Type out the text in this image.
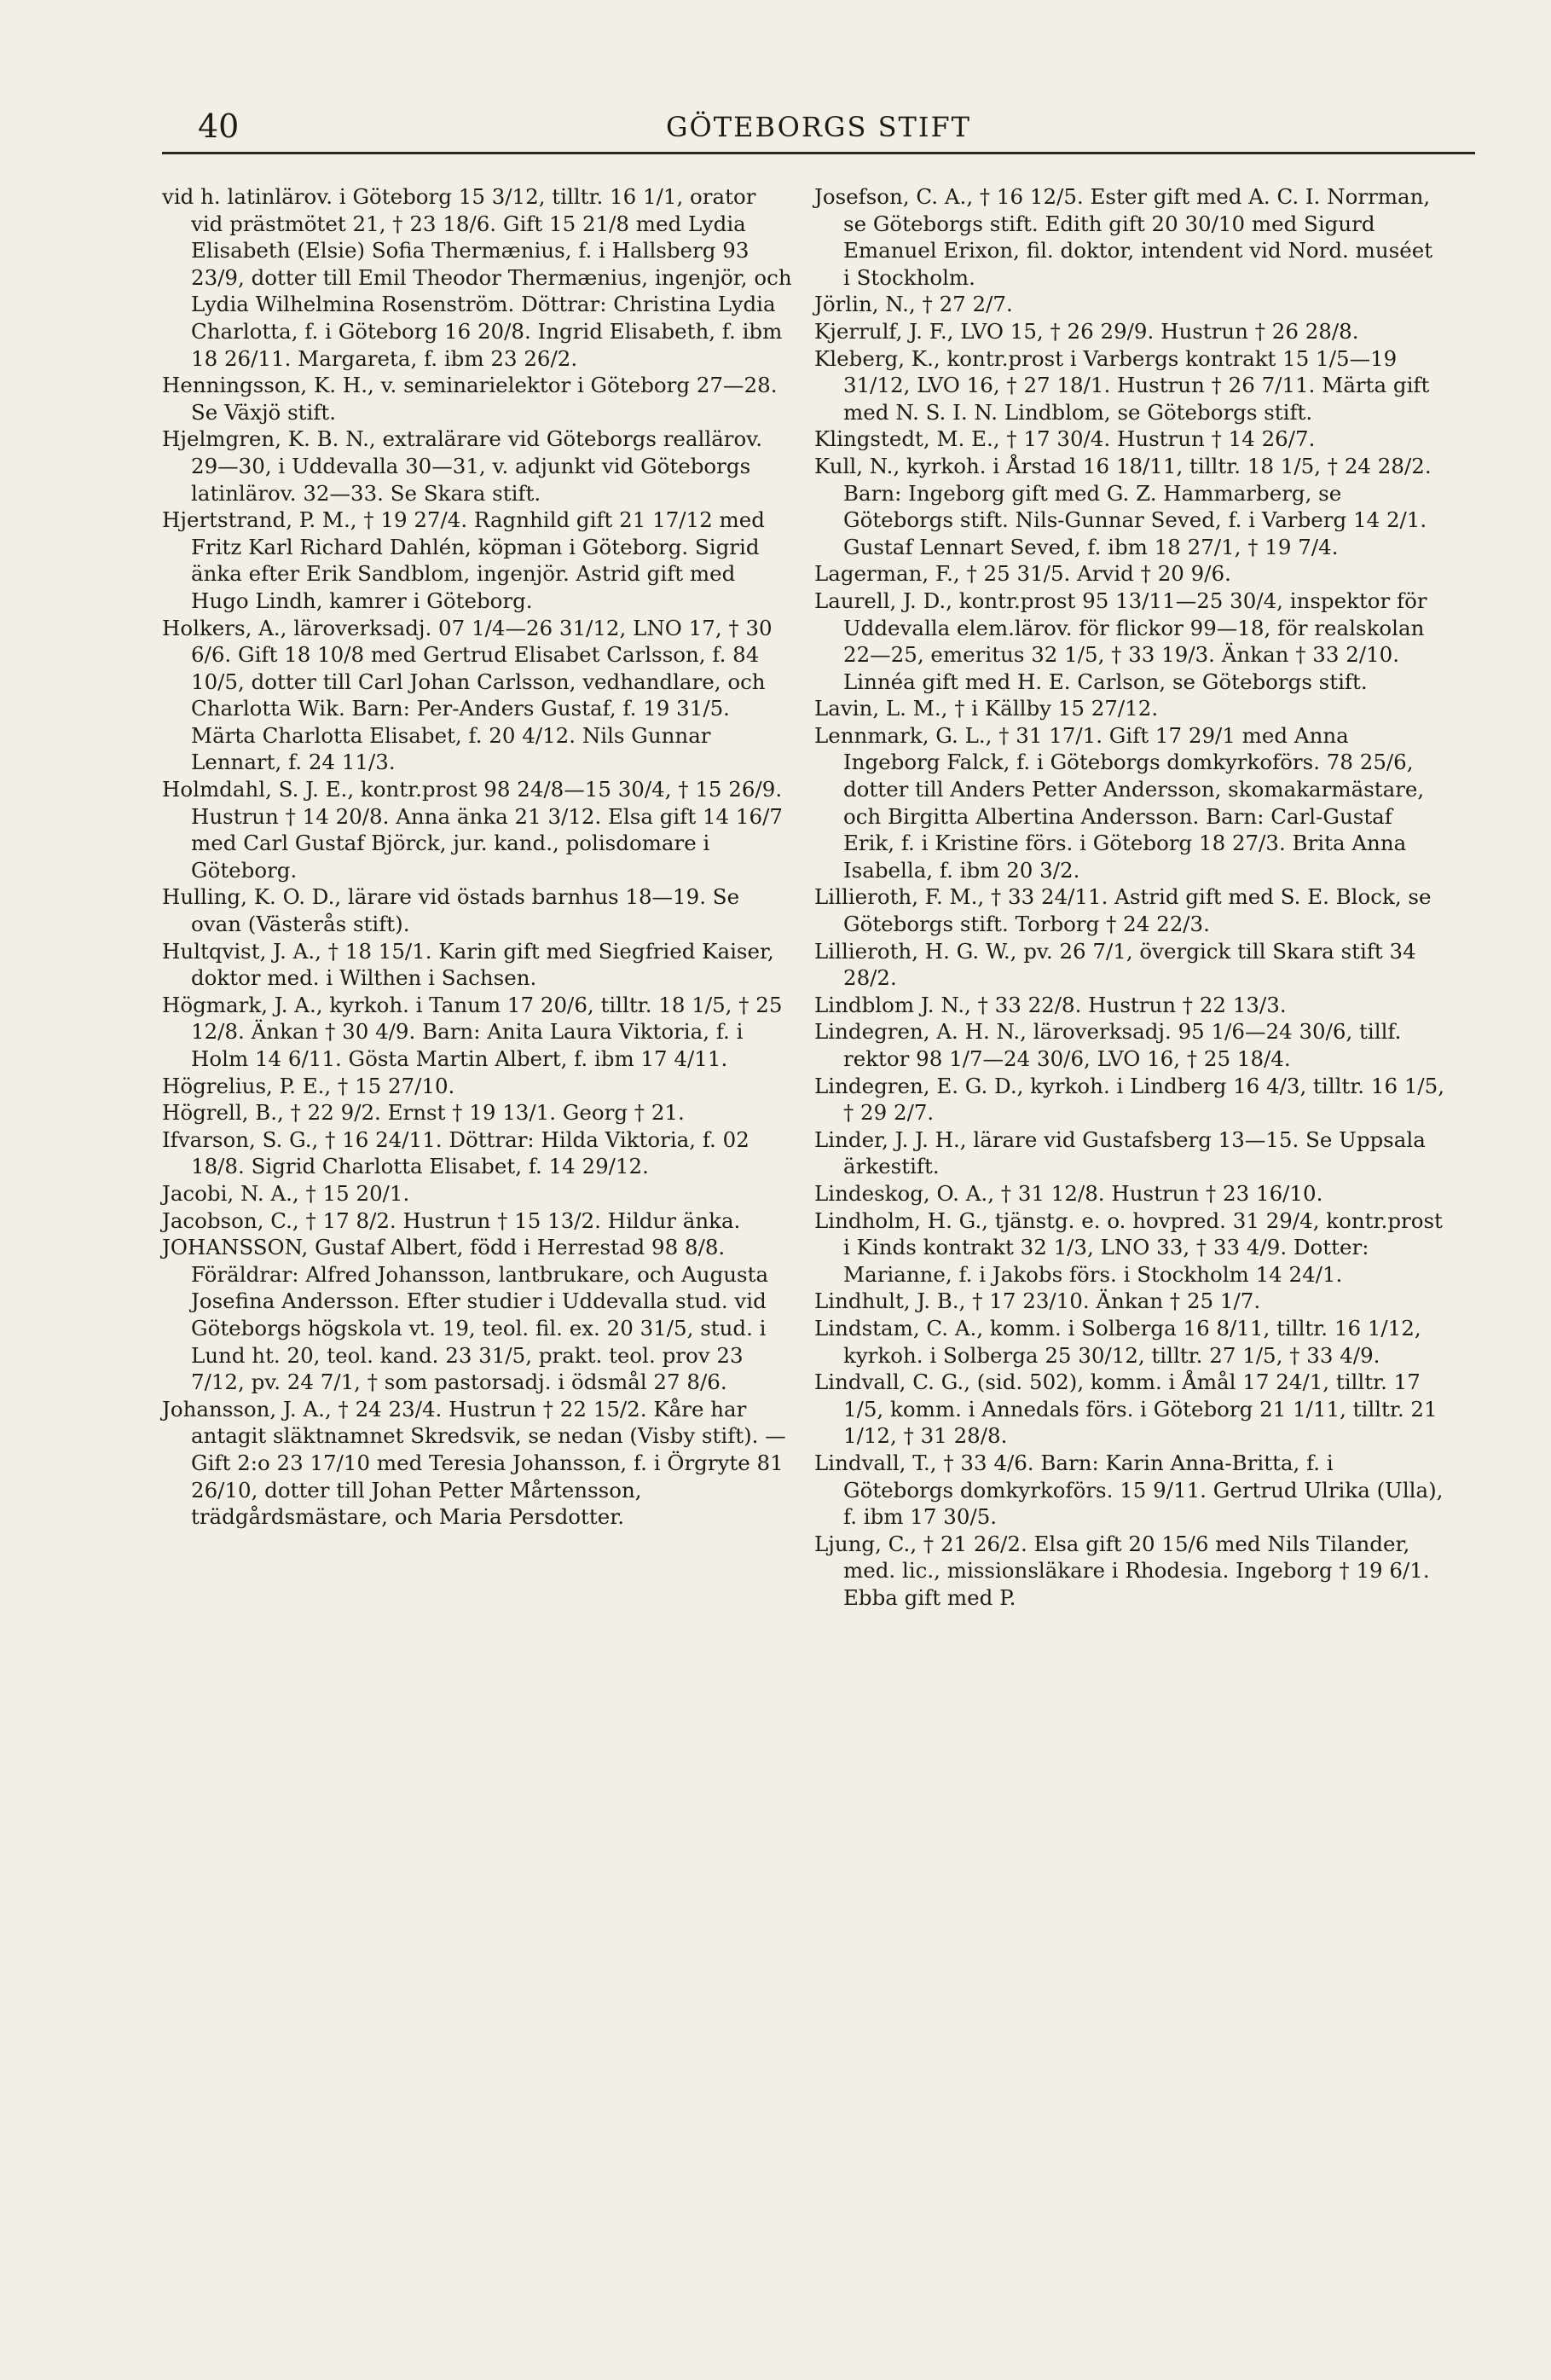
40	GÖTEBORGS STIFT

vid h. latinlärov. i Göteborg 15 3/12, tilltr. 16 1/1, orator vid prästmötet 21, † 23 18/6. Gift 15 21/8 med Lydia Elisabeth (Elsie) Sofia Thermænius, f. i Hallsberg 93 23/9, dotter till Emil Theodor Thermænius, ingenjör, och Lydia Wilhelmina Rosenström. Döttrar: Christina Lydia Charlotta, f. i Göteborg 16 20/8. Ingrid Elisabeth, f. ibm 18 26/11. Margareta, f. ibm 23 26/2.

Henningsson, K. H., v. seminarielektor i Göteborg 27—28. Se Växjö stift.

Hjelmgren, K. B. N., extralärare vid Göteborgs reallärov. 29—30, i Uddevalla 30—31, v. adjunkt vid Göteborgs latinlärov. 32—33. Se Skara stift.

Hjertstrand, P. M., † 19 27/4. Ragnhild gift 21 17/12 med Fritz Karl Richard Dahlén, köpman i Göteborg. Sigrid änka efter Erik Sandblom, ingenjör. Astrid gift med Hugo Lindh, kamrer i Göteborg.

Holkers, A., läroverksadj. 07 1/4—26 31/12, LNO 17, † 30 6/6. Gift 18 10/8 med Gertrud Elisabet Carlsson, f. 84 10/5, dotter till Carl Johan Carlsson, vedhandlare, och Charlotta Wik. Barn: Per-Anders Gustaf, f. 19 31/5. Märta Charlotta Elisabet, f. 20 4/12. Nils Gunnar Lennart, f. 24 11/3.

Holmdahl, S. J. E., kontr.prost 98 24/8—15 30/4, † 15 26/9. Hustrun † 14 20/8. Anna änka 21 3/12. Elsa gift 14 16/7 med Carl Gustaf Björck, jur. kand., polisdomare i Göteborg.

Hulling, K. O. D., lärare vid östads barnhus 18—19. Se ovan (Västerås stift).

Hultqvist, J. A., † 18 15/1. Karin gift med Siegfried Kaiser, doktor med. i Wilthen i Sachsen.

Högmark, J. A., kyrkoh. i Tanum 17 20/6, tilltr. 18 1/5, † 25 12/8. Änkan † 30 4/9. Barn: Anita Laura Viktoria, f. i Holm 14 6/11. Gösta Martin Albert, f. ibm 17 4/11.

Högrelius, P. E., † 15 27/10.

Högrell, B., † 22 9/2. Ernst † 19 13/1. Georg † 21.

Ifvarson, S. G., † 16 24/11. Döttrar: Hilda Viktoria, f. 02 18/8. Sigrid Charlotta Elisabet, f. 14 29/12.

Jacobi, N. A., † 15 20/1.

Jacobson, C., † 17 8/2. Hustrun † 15 13/2. Hildur änka.

JOHANSSON, Gustaf Albert, född i Herrestad 98 8/8. Föräldrar: Alfred Johansson, lantbrukare, och Augusta Josefina Andersson. Efter studier i Uddevalla stud. vid Göteborgs högskola vt. 19, teol. fil. ex. 20 31/5, stud. i Lund ht. 20, teol. kand. 23 31/5, prakt. teol. prov 23 7/12, pv. 24 7/1, † som pastorsadj. i ödsmål 27 8/6.

Johansson, J. A., † 24 23/4. Hustrun † 22 15/2. Kåre har antagit släktnamnet Skredsvik, se nedan (Visby stift). — Gift 2:o 23 17/10 med Teresia Johansson, f. i Örgryte 81 26/10, dotter till Johan Petter Mårtensson, trädgårdsmästare, och Maria Persdotter.

Josefson, C. A., † 16 12/5. Ester gift med A. C. I. Norrman, se Göteborgs stift. Edith gift 20 30/10 med Sigurd Emanuel Erixon, fil. doktor, intendent vid Nord. muséet i Stockholm.

Jörlin, N., † 27 2/7.

Kjerrulf, J. F., LVO 15, † 26 29/9. Hustrun † 26 28/8.

Kleberg, K., kontr.prost i Varbergs kontrakt 15 1/5—19 31/12, LVO 16, † 27 18/1. Hustrun † 26 7/11. Märta gift med N. S. I. N. Lindblom, se Göteborgs stift.

Klingstedt, M. E., † 17 30/4. Hustrun † 14 26/7.

Kull, N., kyrkoh. i Årstad 16 18/11, tilltr. 18 1/5, † 24 28/2. Barn: Ingeborg gift med G. Z. Hammarberg, se Göteborgs stift. Nils-Gunnar Seved, f. i Varberg 14 2/1. Gustaf Lennart Seved, f. ibm 18 27/1, † 19 7/4.

Lagerman, F., † 25 31/5. Arvid † 20 9/6.

Laurell, J. D., kontr.prost 95 13/11—25 30/4, inspektor för Uddevalla elem.lärov. för flickor 99—18, för realskolan 22—25, emeritus 32 1/5, † 33 19/3. Änkan † 33 2/10. Linnéa gift med H. E. Carlson, se Göteborgs stift.

Lavin, L. M., † i Källby 15 27/12.

Lennmark, G. L., † 31 17/1. Gift 17 29/1 med Anna Ingeborg Falck, f. i Göteborgs domkyrkoförs. 78 25/6, dotter till Anders Petter Andersson, skomakarmästare, och Birgitta Albertina Andersson. Barn: Carl-Gustaf Erik, f. i Kristine förs. i Göteborg 18 27/3. Brita Anna Isabella, f. ibm 20 3/2.

Lillieroth, F. M., † 33 24/11. Astrid gift med S. E. Block, se Göteborgs stift. Torborg † 24 22/3.

Lillieroth, H. G. W., pv. 26 7/1, övergick till Skara stift 34 28/2.

Lindblom J. N., † 33 22/8. Hustrun † 22 13/3.

Lindegren, A. H. N., läroverksadj. 95 1/6—24 30/6, tillf. rektor 98 1/7—24 30/6, LVO 16, † 25 18/4.

Lindegren, E. G. D., kyrkoh. i Lindberg 16 4/3, tilltr. 16 1/5, † 29 2/7.

Linder, J. J. H., lärare vid Gustafsberg 13—15. Se Uppsala ärkestift.

Lindeskog, O. A., † 31 12/8. Hustrun † 23 16/10.

Lindholm, H. G., tjänstg. e. o. hovpred. 31 29/4, kontr.prost i Kinds kontrakt 32 1/3, LNO 33, † 33 4/9. Dotter: Marianne, f. i Jakobs förs. i Stockholm 14 24/1.

Lindhult, J. B., † 17 23/10. Änkan † 25 1/7.

Lindstam, C. A., komm. i Solberga 16 8/11, tilltr. 16 1/12, kyrkoh. i Solberga 25 30/12, tilltr. 27 1/5, † 33 4/9.

Lindvall, C. G., (sid. 502), komm. i Åmål 17 24/1, tilltr. 17 1/5, komm. i Annedals förs. i Göteborg 21 1/11, tilltr. 21 1/12, † 31 28/8.

Lindvall, T., † 33 4/6. Barn: Karin Anna-Britta, f. i Göteborgs domkyrkoförs. 15 9/11. Gertrud Ulrika (Ulla), f. ibm 17 30/5.

Ljung, C., † 21 26/2. Elsa gift 20 15/6 med Nils Tilander, med. lic., missionsläkare i Rhodesia. Ingeborg † 19 6/1. Ebba gift med P.
